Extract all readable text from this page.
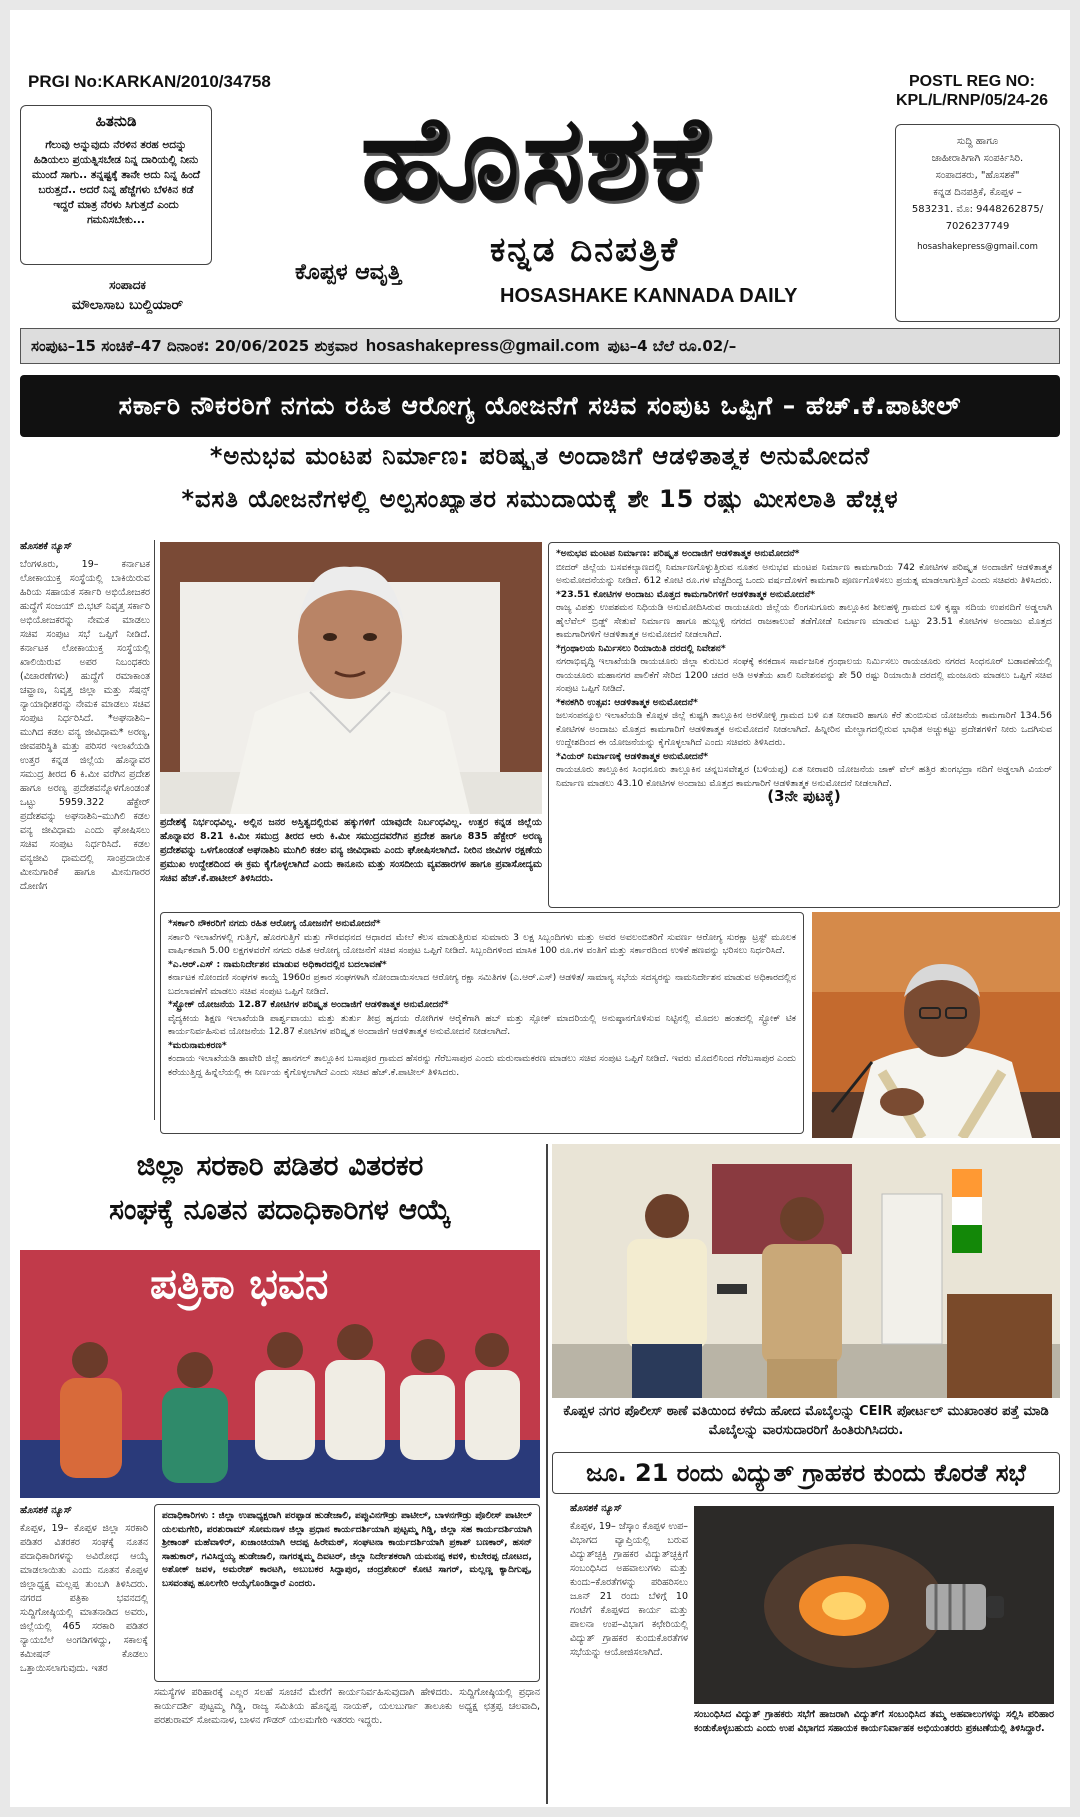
PRGI No:KARKAN/2010/34758	POSTL REG NO:
KPL/L/RNP/05/24-26
ಹಿತನುಡಿ
ಗೆಲುವು ಅನ್ನುವುದು ನೆರಳಿನ ತರಹ ಅದನ್ನು ಹಿಡಿಯಲು ಪ್ರಯತ್ನಿಸಬೇಡ ನಿನ್ನ ದಾರಿಯಲ್ಲಿ ನೀನು ಮುಂದೆ ಸಾಗು.. ತನ್ನಷ್ಟಕ್ಕೆ ತಾನೇ ಅದು ನಿನ್ನ ಹಿಂದೆ ಬರುತ್ತದೆ.. ಅದರೆ ನಿನ್ನ ಹೆಜ್ಜೆಗಳು ಬೆಳಕಿನ ಕಡೆ ಇದ್ದರೆ ಮಾತ್ರ ನೆರಳು ಸಿಗುತ್ತದೆ ಎಂದು ಗಮನಿಸಬೇಕು...
ಸಂಪಾದಕ
ಮೌಲಾಸಾಬ ಬುಲ್ದಿಯಾರ್
ಹೊಸಶಕೆ
ಕನ್ನಡ ದಿನಪತ್ರಿಕೆ
ಕೊಪ್ಪಳ ಆವೃತ್ತಿ
HOSASHAKE KANNADA DAILY
ಸುದ್ದಿ ಹಾಗೂ
ಜಾಹೀರಾತಿಗಾಗಿ ಸಂಪರ್ಕಿಸಿರಿ.
ಸಂಪಾದಕರು, "ಹೊಸಶಕೆ"
ಕನ್ನಡ ದಿನಪತ್ರಿಕೆ, ಕೊಪ್ಪಳ –
583231. ಮೊ: 9448262875/
7026237749
hosashakepress@gmail.com
ಸಂಪುಟ–15 ಸಂಚಿಕೆ–47 ದಿನಾಂಕ: 20/06/2025 ಶುಕ್ರವಾರ hosashakepress@gmail.com ಪುಟ–4 ಬೆಲೆ ರೂ.02/–
ಸರ್ಕಾರಿ ನೌಕರರಿಗೆ ನಗದು ರಹಿತ ಆರೋಗ್ಯ ಯೋಜನೆಗೆ ಸಚಿವ ಸಂಪುಟ ಒಪ್ಪಿಗೆ – ಹೆಚ್.ಕೆ.ಪಾಟೀಲ್
*ಅನುಭವ ಮಂಟಪ ನಿರ್ಮಾಣ: ಪರಿಷ್ಕೃತ ಅಂದಾಜಿಗೆ ಆಡಳಿತಾತ್ಮಕ ಅನುಮೋದನೆ
*ವಸತಿ ಯೋಜನೆಗಳಲ್ಲಿ ಅಲ್ಪಸಂಖ್ಯಾತರ ಸಮುದಾಯಕ್ಕೆ ಶೇ 15 ರಷ್ಟು ಮೀಸಲಾತಿ ಹೆಚ್ಚಳ

ಹೊಸಶಕೆ ನ್ಯೂಸ್

ಬೆಂಗಳೂರು, 19– ಕರ್ನಾಟಕ ಲೋಕಾಯುಕ್ತ ಸಂಸ್ಥೆಯಲ್ಲಿ ಬಾಕಿಯಿರುವ ಹಿರಿಯ ಸಹಾಯಕ ಸರ್ಕಾರಿ ಅಭಿಯೋಜಕರ ಹುದ್ದೆಗೆ ಸಂಜಯ್ ಬಿ.ಭಟ್ ನಿವೃತ್ತ ಸರ್ಕಾರಿ ಅಭಿಯೋಜಕರನ್ನು ನೇಮಕ ಮಾಡಲು ಸಚಿವ ಸಂಪುಟ ಸಭೆ ಒಪ್ಪಿಗೆ ನೀಡಿದೆ. ಕರ್ನಾಟಕ ಲೋಕಾಯುಕ್ತ ಸಂಸ್ಥೆಯಲ್ಲಿ ಖಾಲಿಯಿರುವ ಅಪರ ನಿಬಂಧಕರು (ವಿಚಾರಣೆಗಳು) ಹುದ್ದೆಗೆ ರಮಾಕಾಂತ ಚವ್ಹಾಣ, ನಿವೃತ್ತ ಜಿಲ್ಲಾ ಮತ್ತು ಸೆಷನ್ಸ್ ನ್ಯಾಯಾಧೀಶರನ್ನು ನೇಮಕ ಮಾಡಲು ಸಚಿವ ಸಂಪುಟ ನಿರ್ಧರಿಸಿದೆ. *ಅಘನಾಶಿನಿ–ಮುಗಿದ ಕಡಲ ವನ್ಯ ಜೀವಿಧಾಮ* ಅರಣ್ಯ, ಜೀವಪರಿಸ್ಥಿತಿ ಮತ್ತು ಪರಿಸರ ಇಲಾಖೆಯಡಿ ಉತ್ತರ ಕನ್ನಡ ಜಿಲ್ಲೆಯ ಹೊನ್ನಾವರ ಸಮುದ್ರ ತೀರದ 6 ಕಿ.ಮೀ ವರೆಗಿನ ಪ್ರದೇಶ ಹಾಗೂ ಅರಣ್ಯ ಪ್ರದೇಶವನ್ನೊಳಗೊಂಡಂತೆ ಒಟ್ಟು 5959.322 ಹೆಕ್ಟೇರ್ ಪ್ರದೇಶವನ್ನು ಅಘನಾಶಿನಿ–ಮುಗಿಲಿ ಕಡಲ ವನ್ಯ ಜೀವಿಧಾಮ ಎಂದು ಘೋಷಿಸಲು ಸಚಿವ ಸಂಪುಟ ನಿರ್ಧರಿಸಿದೆ. ಕಡಲ ವನ್ಯಜೀವಿ ಧಾಮದಲ್ಲಿ ಸಾಂಪ್ರದಾಯಿಕ ಮೀನುಗಾರಿಕೆ ಹಾಗೂ ಮೀನುಗಾರರ ದೋಣಿಗ

ಪ್ರದೇಶಕ್ಕೆ ನಿರ್ಭಂಧವಿಲ್ಲ. ಅಲ್ಲಿನ ಜನರ ಅಸ್ತಿತ್ವದಲ್ಲಿರುವ ಹಕ್ಕುಗಳಿಗೆ ಯಾವುದೇ ನಿರ್ಬಂಧವಿಲ್ಲ. ಉತ್ತರ ಕನ್ನಡ ಜಿಲ್ಲೆಯ ಹೊನ್ನಾವರ 8.21 ಕಿ.ಮೀ ಸಮುದ್ರ ತೀರದ ಆರು ಕಿ.ಮೀ ಸಮುದ್ರದವರೆಗಿನ ಪ್ರದೇಶ ಹಾಗೂ 835 ಹೆಕ್ಟೇರ್ ಅರಣ್ಯ ಪ್ರದೇಶವನ್ನು ಒಳಗೊಂಡಂತೆ ಅಘನಾಶಿನಿ ಮುಗಿಲಿ ಕಡಲ ವನ್ಯ ಜೀವಿಧಾಮ ಎಂದು ಘೋಷಿಸಲಾಗಿದೆ. ನೀರಿನ ಜೀವಿಗಳ ರಕ್ಷಣೆಯ ಪ್ರಮುಖ ಉದ್ದೇಶದಿಂದ ಈ ಕ್ರಮ ಕೈಗೊಳ್ಳಲಾಗಿದೆ ಎಂದು ಕಾನೂನು ಮತ್ತು ಸಂಸದೀಯ ವ್ಯವಹಾರಗಳ ಹಾಗೂ ಪ್ರವಾಸೋದ್ಯಮ ಸಚಿವ ಹೆಚ್.ಕೆ.ಪಾಟೀಲ್ ತಿಳಿಸಿದರು.
*ಅನುಭವ ಮಂಟಪ ನಿರ್ಮಾಣ: ಪರಿಷ್ಕೃತ ಅಂದಾಜಿಗೆ ಆಡಳಿತಾತ್ಮಕ ಅನುಮೋದನೆ*
ಬೀದರ್ ಜಿಲ್ಲೆಯ ಬಸವಕಲ್ಯಾಣದಲ್ಲಿ ನಿರ್ಮಾಣಗೊಳ್ಳುತ್ತಿರುವ ನೂತನ ಅನುಭವ ಮಂಟಪ ನಿರ್ಮಾಣ ಕಾಮಗಾರಿಯ 742 ಕೋಟಿಗಳ ಪರಿಷ್ಕೃತ ಅಂದಾಜಿಗೆ ಆಡಳಿತಾತ್ಮಕ ಅನುಮೋದನೆಯನ್ನು ನೀಡಿದೆ. 612 ಕೋಟಿ ರೂ.ಗಳ ವೆಚ್ಚದಿಂದ್ದ ಒಂದು ವರ್ಷದೊಳಗೆ ಕಾಮಗಾರಿ ಪೂರ್ಣಗೊಳಿಸಲು ಪ್ರಯತ್ನ ಮಾಡಲಾಗುತ್ತಿದೆ ಎಂದು ಸಚಿವರು ತಿಳಿಸಿದರು.
*23.51 ಕೋಟಿಗಳ ಅಂದಾಜು ಮೊತ್ತದ ಕಾಮಗಾರಿಗಳಿಗೆ ಆಡಳಿತಾತ್ಮಕ ಅನುಮೋದನೆ*
ರಾಜ್ಯ ವಿಪತ್ತು ಉಪಶಮನ ನಿಧಿಯಡಿ ಅನುಮೋದಿಸಿರುವ ರಾಯಚೂರು ಜಿಲ್ಲೆಯ ಲಿಂಗಸುಗೂರು ತಾಲ್ಲೂಕಿನ ಶೀಲಹಳ್ಳಿ ಗ್ರಾಮದ ಬಳಿ ಕೃಷ್ಣಾ ನದಿಯ ಉಪನದಿಗೆ ಅಡ್ಡಲಾಗಿ ಹೈಲೆವೆಲ್ ಬ್ರಿಡ್ಜ್ ಸೇತುವೆ ನಿರ್ಮಾಣ ಹಾಗೂ ಹುಬ್ಬಳ್ಳಿ ನಗರದ ರಾಜಕಾಲುವೆ ತಡೆಗೋಡೆ ನಿರ್ಮಾಣ ಮಾಡುವ ಒಟ್ಟು 23.51 ಕೋಟಿಗಳ ಅಂದಾಜು ಮೊತ್ತದ ಕಾಮಗಾರಿಗಳಿಗೆ ಆಡಳಿತಾತ್ಮಕ ಅನುಮೋದನೆ ನೀಡಲಾಗಿದೆ.
*ಗ್ರಂಥಾಲಯ ನಿರ್ಮಿಸಲು ರಿಯಾಯಿತಿ ದರದಲ್ಲಿ ನಿವೇಶನ*
ನಗರಾಭಿವೃದ್ಧಿ ಇಲಾಖೆಯಡಿ ರಾಯಚೂರು ಜಿಲ್ಲಾ ಕುರುಬರ ಸಂಘಕ್ಕೆ ಕನಕದಾಸ ಸಾರ್ವಜನಿಕ ಗ್ರಂಥಾಲಯ ನಿರ್ಮಿಸಲು ರಾಯಚೂರು ನಗರದ ಸಿಂಧನೂರ್ ಬಡಾವಣೆಯಲ್ಲಿ ರಾಯಚೂರು ಮಹಾನಗರ ಪಾಲಿಕೆಗೆ ಸೇರಿದ 1200 ಚದರ ಅಡಿ ಅಳತೆಯ ಖಾಲಿ ನಿವೇಶನವನ್ನು ಶೇ 50 ರಷ್ಟು ರಿಯಾಯಿತಿ ದರದಲ್ಲಿ ಮಂಜೂರು ಮಾಡಲು ಒಪ್ಪಿಗೆ ಸಚಿವ ಸಂಪುಟ ಒಪ್ಪಿಗೆ ನೀಡಿದೆ.
*ಕನಕಗಿರಿ ಉತ್ಸವ: ಆಡಳಿತಾತ್ಮಕ ಅನುಮೋದನೆ*
ಜಲಸಂಪನ್ಮೂಲ ಇಲಾಖೆಯಡಿ ಕೊಪ್ಪಳ ಜಿಲ್ಲೆ ಕುಷ್ಟಗಿ ತಾಲ್ಲೂಕಿನ ಅರಳೋಳ್ಳಿ ಗ್ರಾಮದ ಬಳಿ ಏತ ನೀರಾವರಿ ಹಾಗೂ ಕೆರೆ ತುಂಬಿಸುವ ಯೋಜನೆಯ ಕಾಮಗಾರಿಗೆ 134.56 ಕೋಟಿಗಳ ಅಂದಾಜು ಮೊತ್ತದ ಕಾಮಗಾರಿಗೆ ಆಡಳಿತಾತ್ಮಕ ಅನುಮೋದನೆ ನೀಡಲಾಗಿದೆ. ಹಿನ್ನೀರಿನ ಮೇಲ್ಭಾಗದಲ್ಲಿರುವ ಭಾಧಿತ ಅಚ್ಚುಕಟ್ಟು ಪ್ರದೇಶಗಳಿಗೆ ನೀರು ಒದಗಿಸುವ ಉದ್ದೇಶದಿಂದ ಈ ಯೋಜನೆಯನ್ನು ಕೈಗೊಳ್ಳಲಾಗಿದೆ ಎಂದು ಸಚಿವರು ತಿಳಿಸಿದರು.
*ವಿಯರ್ ನಿರ್ಮಾಣಕ್ಕೆ ಆಡಳಿತಾತ್ಮಕ ಅನುಮೋದನೆ*
ರಾಯಚೂರು ತಾಲ್ಲೂಕಿನ ಸಿಂಧನೂರು ತಾಲ್ಲೂಕಿನ ಚನ್ನಬಸವೇಶ್ವರ (ಬಳಿಯಪ್ಪ) ಏತ ನೀರಾವರಿ ಯೋಜನೆಯ ಜಾಕ್ ವೆಲ್ ಹತ್ತಿರ ತುಂಗಭದ್ರಾ ನದಿಗೆ ಅಡ್ಡಲಾಗಿ ವಿಯರ್ ನಿರ್ಮಾಣ ಮಾಡಲು 43.10 ಕೋಟಿಗಳ ಅಂದಾಜು ಮೊತ್ತದ ಕಾಮಗಾರಿಗೆ ಆಡಳಿತಾತ್ಮಕ ಅನುಮೋದನೆ ನೀಡಲಾಗಿದೆ.
(3ನೇ ಪುಟಕ್ಕೆ)
*ಸರ್ಕಾರಿ ನೌಕರರಿಗೆ ನಗದು ರಹಿತ ಆರೋಗ್ಯ ಯೋಜನೆಗೆ ಅನುಮೋದನೆ*
ಸರ್ಕಾರಿ ಇಲಾಖೆಗಳಲ್ಲಿ ಗುತ್ತಿಗೆ, ಹೊರಗುತ್ತಿಗೆ ಮತ್ತು ಗೌರವಧನದ ಆಧಾರದ ಮೇಲೆ ಕೆಲಸ ಮಾಡುತ್ತಿರುವ ಸುಮಾರು 3 ಲಕ್ಷ ಸಿಬ್ಬಂದಿಗಳು ಮತ್ತು ಅವರ ಅವಲಂಬಿತರಿಗೆ ಸುವರ್ಣ ಆರೋಗ್ಯ ಸುರಕ್ಷಾ ಟ್ರಸ್ಟ್ ಮೂಲಕ ವಾರ್ಷಿಕವಾಗಿ 5.00 ಲಕ್ಷಗಳವರೆಗೆ ನಗದು ರಹಿತ ಆರೋಗ್ಯ ಯೋಜನೆಗೆ ಸಚಿವ ಸಂಪುಟ ಒಪ್ಪಿಗೆ ನೀಡಿದೆ. ಸಿಬ್ಬಂದಿಗಳಿಂದ ಮಾಸಿಕ 100 ರೂ.ಗಳ ವಂತಿಗೆ ಮತ್ತು ಸರ್ಕಾರದಿಂದ ಉಳಿಕೆ ಹಣವನ್ನು ಭರಿಸಲು ನಿರ್ಧರಿಸಿದೆ.
*ಎ.ಆರ್.ಎಸ್ : ನಾಮನಿರ್ದೇಶನ ಮಾಡುವ ಅಧಿಕಾರದಲ್ಲಿನ ಬದಲಾವಣೆ*
ಕರ್ನಾಟಕ ನೋಂದಣಿ ಸಂಘಗಳ ಕಾಯ್ದೆ 1960ರ ಪ್ರಕಾರ ಸಂಘಗಳಾಗಿ ನೋಂದಾಯಿಸಲಾದ ಆರೋಗ್ಯ ರಕ್ಷಾ ಸಮಿತಿಗಳ (ಎ.ಆರ್.ಎಸ್) ಆಡಳಿತ/ ಸಾಮಾನ್ಯ ಸಭೆಯ ಸದಸ್ಯರನ್ನು ನಾಮನಿರ್ದೇಶನ ಮಾಡುವ ಅಧಿಕಾರದಲ್ಲಿನ ಬದಲಾವಣೆಗೆ ಮಾಡಲು ಸಚಿವ ಸಂಪುಟ ಒಪ್ಪಿಗೆ ನೀಡಿದೆ.
*ಸ್ಟ್ರೋಕ್ ಯೋಜನೆಯ 12.87 ಕೋಟಿಗಳ ಪರಿಷ್ಕೃತ ಅಂದಾಜಿಗೆ ಆಡಳಿತಾತ್ಮಕ ಅನುಮೋದನೆ*
ವೈದ್ಯಕೀಯ ಶಿಕ್ಷಣ ಇಲಾಖೆಯಡಿ ಪಾರ್ಶ್ವವಾಯು ಮತ್ತು ತುರ್ತು ತೀವ್ರ ಹೃದಯ ರೋಗಿಗಳ ಆರೈಕೆಗಾಗಿ ಹಬ್ ಮತ್ತು ಸ್ಪೋಕ್ ಮಾದರಿಯಲ್ಲಿ ಅನುಷ್ಠಾನಗೊಳಿಸುವ ನಿಟ್ಟಿನಲ್ಲಿ ಮೊದಲ ಹಂತದಲ್ಲಿ ಸ್ಟ್ರೋಕ್ ಟಿಕ ಕಾರ್ಯನಿರ್ವಹಿಸುವ ಯೋಜನೆಯ 12.87 ಕೋಟಿಗಳ ಪರಿಷ್ಕೃತ ಅಂದಾಜಿಗೆ ಆಡಳಿತಾತ್ಮಕ ಅನುಮೋದನೆ ನೀಡಲಾಗಿದೆ.
*ಮರುನಾಮಕರಣ*
ಕಂದಾಯ ಇಲಾಖೆಯಡಿ ಹಾವೇರಿ ಜಿಲ್ಲೆ ಹಾನಗಲ್ ತಾಲ್ಲೂಕಿನ ಬಸಾಪೂರ ಗ್ರಾಮದ ಹೆಸರನ್ನು ಗೆರೆಬಸಾಪುರ ಎಂದು ಮರುನಾಮಕರಣ ಮಾಡಲು ಸಚಿವ ಸಂಪುಟ ಒಪ್ಪಿಗೆ ನೀಡಿದೆ. ಇವರು ಮೊದಲಿನಿಂದ ಗೆರೆಬಸಾಪುರ ಎಂದು ಕರೆಯುತ್ತಿದ್ದ ಹಿನ್ನೆಲೆಯಲ್ಲಿ ಈ ನಿರ್ಣಯ ಕೈಗೊಳ್ಳಲಾಗಿದೆ ಎಂದು ಸಚಿವ ಹೆಚ್.ಕೆ.ಪಾಟೀಲ್ ತಿಳಿಸಿದರು.
ಜಿಲ್ಲಾ ಸರಕಾರಿ ಪಡಿತರ ವಿತರಕರ
ಸಂಘಕ್ಕೆ ನೂತನ ಪದಾಧಿಕಾರಿಗಳ ಆಯ್ಕೆ
ಪತ್ರಿಕಾ ಭವನ

ಹೊಸಶಕೆ ನ್ಯೂಸ್

ಕೊಪ್ಪಳ, 19– ಕೊಪ್ಪಳ ಜಿಲ್ಲಾ ಸರಕಾರಿ ಪಡಿತರ ವಿತರಕರ ಸಂಘಕ್ಕೆ ನೂತನ ಪದಾಧಿಕಾರಿಗಳನ್ನು ಅವಿರೋಧ ಆಯ್ಕೆ ಮಾಡಲಾಯಿತು ಎಂದು ನೂತನ ಕೊಪ್ಪಳ ಜಿಲ್ಲಾಧ್ಯಕ್ಷ ಮಲ್ಲಪ್ಪ ತುಂಬಗಿ ತಿಳಿಸಿದರು. ನಗರದ ಪತ್ರಿಕಾ ಭವನದಲ್ಲಿ ಸುದ್ದಿಗೋಷ್ಠಿಯಲ್ಲಿ ಮಾತನಾಡಿದ ಅವರು, ಜಿಲ್ಲೆಯಲ್ಲಿ 465 ಸರಕಾರಿ ಪಡಿತರ ನ್ಯಾಯಬೆಲೆ ಅಂಗಡಿಗಳಿದ್ದು, ಸಕಾಲಕ್ಕೆ ಕಮೀಷನ್ ಕೊಡಲು ಒತ್ತಾಯಿಸಲಾಗುವುದು. ಇತರ

ಪದಾಧಿಕಾರಿಗಳು : ಜಿಲ್ಲಾ ಉಪಾಧ್ಯಕ್ಷರಾಗಿ ಪರಪ್ಪಾಡ ಹುಡೇಜಾಲಿ, ಪಪ್ಪುವಿನಗೌಡ್ರು ಪಾಟೀಲ್, ಬಾಳನಗೌಡ್ರು ಪೊಲೀಸ್ ಪಾಟೀಲ್ ಯಲಮಗೇರಿ, ಪರಶುರಾಮ್ ಸೋಮನಾಳ ಜಿಲ್ಲಾ ಪ್ರಧಾನ ಕಾರ್ಯದರ್ಶಿಯಾಗಿ ಪುಟ್ಟಮ್ಮ ಗಿಡ್ಡಿ, ಜಿಲ್ಲಾ ಸಹ ಕಾರ್ಯದರ್ಶಿಯಾಗಿ ಶ್ರೀಕಾಂತ್ ಮಹೆವಾಳಿರ್, ಖಜಾಂಚಿಯಾಗಿ ಆದಪ್ಪ ಹಿರೇಮಠ್, ಸಂಘಟನಾ ಕಾರ್ಯದರ್ಶಿಯಾಗಿ ಪ್ರಕಾಶ್ ಬಣಕಾರ್, ಹಸನ್ ಸಾಹುಕಾರ್, ಗವಿಸಿದ್ದಯ್ಯ ಹುಡೇಜಾಲಿ, ನಾಗರತ್ನಮ್ಮ ದಿವಟರ್, ಜಿಲ್ಲಾ ನಿರ್ದೇಶಕರಾಗಿ ಯಮನಪ್ಪ ಕವಳಿ, ಕುಬೇರಪ್ಪ ದೋಟದ, ಅಶೋಕ್ ಜವಳ, ಅಮರೇಶ್ ಕಾರಟಗಿ, ಅಬುಬಕರ ಸಿದ್ದಾಪುರ, ಚಂದ್ರಶೇಖರ್ ಕೋಟಿ ಸಾಗರ್, ಮಲ್ಲಣ್ಣ ಕ್ಯಾದಿಗುಪ್ಪ, ಬಸವಂತಪ್ಪ ಹೂಲಗೇರಿ ಆಯ್ಕೆಗೊಂಡಿದ್ದಾರೆ ಎಂದರು.
ಸಮಸ್ಯೆಗಳ ಪರಿಹಾರಕ್ಕೆ ಎಲ್ಲರ ಸಲಹೆ ಸೂಚನೆ ಮೇರೆಗೆ ಕಾರ್ಯನಿರ್ವಹಿಸುವುದಾಗಿ ಹೇಳಿದರು. ಸುದ್ದಿಗೋಷ್ಠಿಯಲ್ಲಿ ಪ್ರಧಾನ ಕಾರ್ಯದರ್ಶಿ ಪುಟ್ಟಮ್ಮ ಗಿಡ್ಡಿ, ರಾಜ್ಯ ಸಮಿತಿಯ ಹೊನ್ನಪ್ಪ ನಾಯಕ್, ಯಲಬುರ್ಗಾ ತಾಲೂಕು ಅಧ್ಯಕ್ಷ ಛತ್ರಪ್ಪ ಚಲವಾದಿ, ಪರಶುರಾಮ್ ಸೋಮನಾಳ, ಬಾಳನ ಗೌಡರ್ ಯಲಮಗೇರಿ ಇತರರು ಇದ್ದರು.
ಕೊಪ್ಪಳ ನಗರ ಪೊಲೀಸ್ ಠಾಣೆ ವತಿಯಿಂದ ಕಳೆದು ಹೋದ ಮೊಬೈಲನ್ನು CEIR ಪೋರ್ಟಲ್ ಮುಖಾಂತರ ಪತ್ತೆ ಮಾಡಿ ಮೊಬೈಲನ್ನು ವಾರಸುದಾರರಿಗೆ ಹಿಂತಿರುಗಿಸಿದರು.
ಜೂ. 21 ರಂದು ವಿದ್ಯುತ್ ಗ್ರಾಹಕರ ಕುಂದು ಕೊರತೆ ಸಭೆ

ಹೊಸಶಕೆ ನ್ಯೂಸ್

ಕೊಪ್ಪಳ, 19– ಜೆಸ್ಕಾಂ ಕೊಪ್ಪಳ ಉಪ–ವಿಭಾಗದ ವ್ಯಾಪ್ತಿಯಲ್ಲಿ ಬರುವ ವಿದ್ಯುತ್‌ಚ್ಛಕ್ತಿ ಗ್ರಾಹಕರ ವಿದ್ಯುತ್‌ಚ್ಛಕ್ತಿಗೆ ಸಂಬಂಧಿಸಿದ ಅಹವಾಲುಗಳು ಮತ್ತು ಕುಂದು–ಕೊರತೆಗಳನ್ನು ಪರಿಹರಿಸಲು ಜೂನ್ 21 ರಂದು ಬೆಳಿಗ್ಗೆ 10 ಗಂಟೆಗೆ ಕೊಪ್ಪಳದ ಕಾರ್ಯ ಮತ್ತು ಪಾಲನಾ ಉಪ–ವಿಭಾಗ ಕಛೇರಿಯಲ್ಲಿ ವಿದ್ಯುತ್ ಗ್ರಾಹಕರ ಕುಂದುಕೊರತೆಗಳ ಸಭೆಯನ್ನು ಆಯೋಜಿಸಲಾಗಿದೆ.

ಸಂಬಂಧಿಸಿದ ವಿದ್ಯುತ್ ಗ್ರಾಹಕರು ಸಭೆಗೆ ಹಾಜರಾಗಿ ವಿದ್ಯುತ್‌ಗೆ ಸಂಬಂಧಿಸಿದ ತಮ್ಮ ಅಹವಾಲುಗಳನ್ನು ಸಲ್ಲಿಸಿ ಪರಿಹಾರ ಕಂಡುಕೊಳ್ಳಬಹುದು ಎಂದು ಉಪ ವಿಭಾಗದ ಸಹಾಯಕ ಕಾರ್ಯನಿರ್ವಾಹಕ ಅಭಿಯಂತರರು ಪ್ರಕಟಣೆಯಲ್ಲಿ ತಿಳಿಸಿದ್ದಾರೆ.
